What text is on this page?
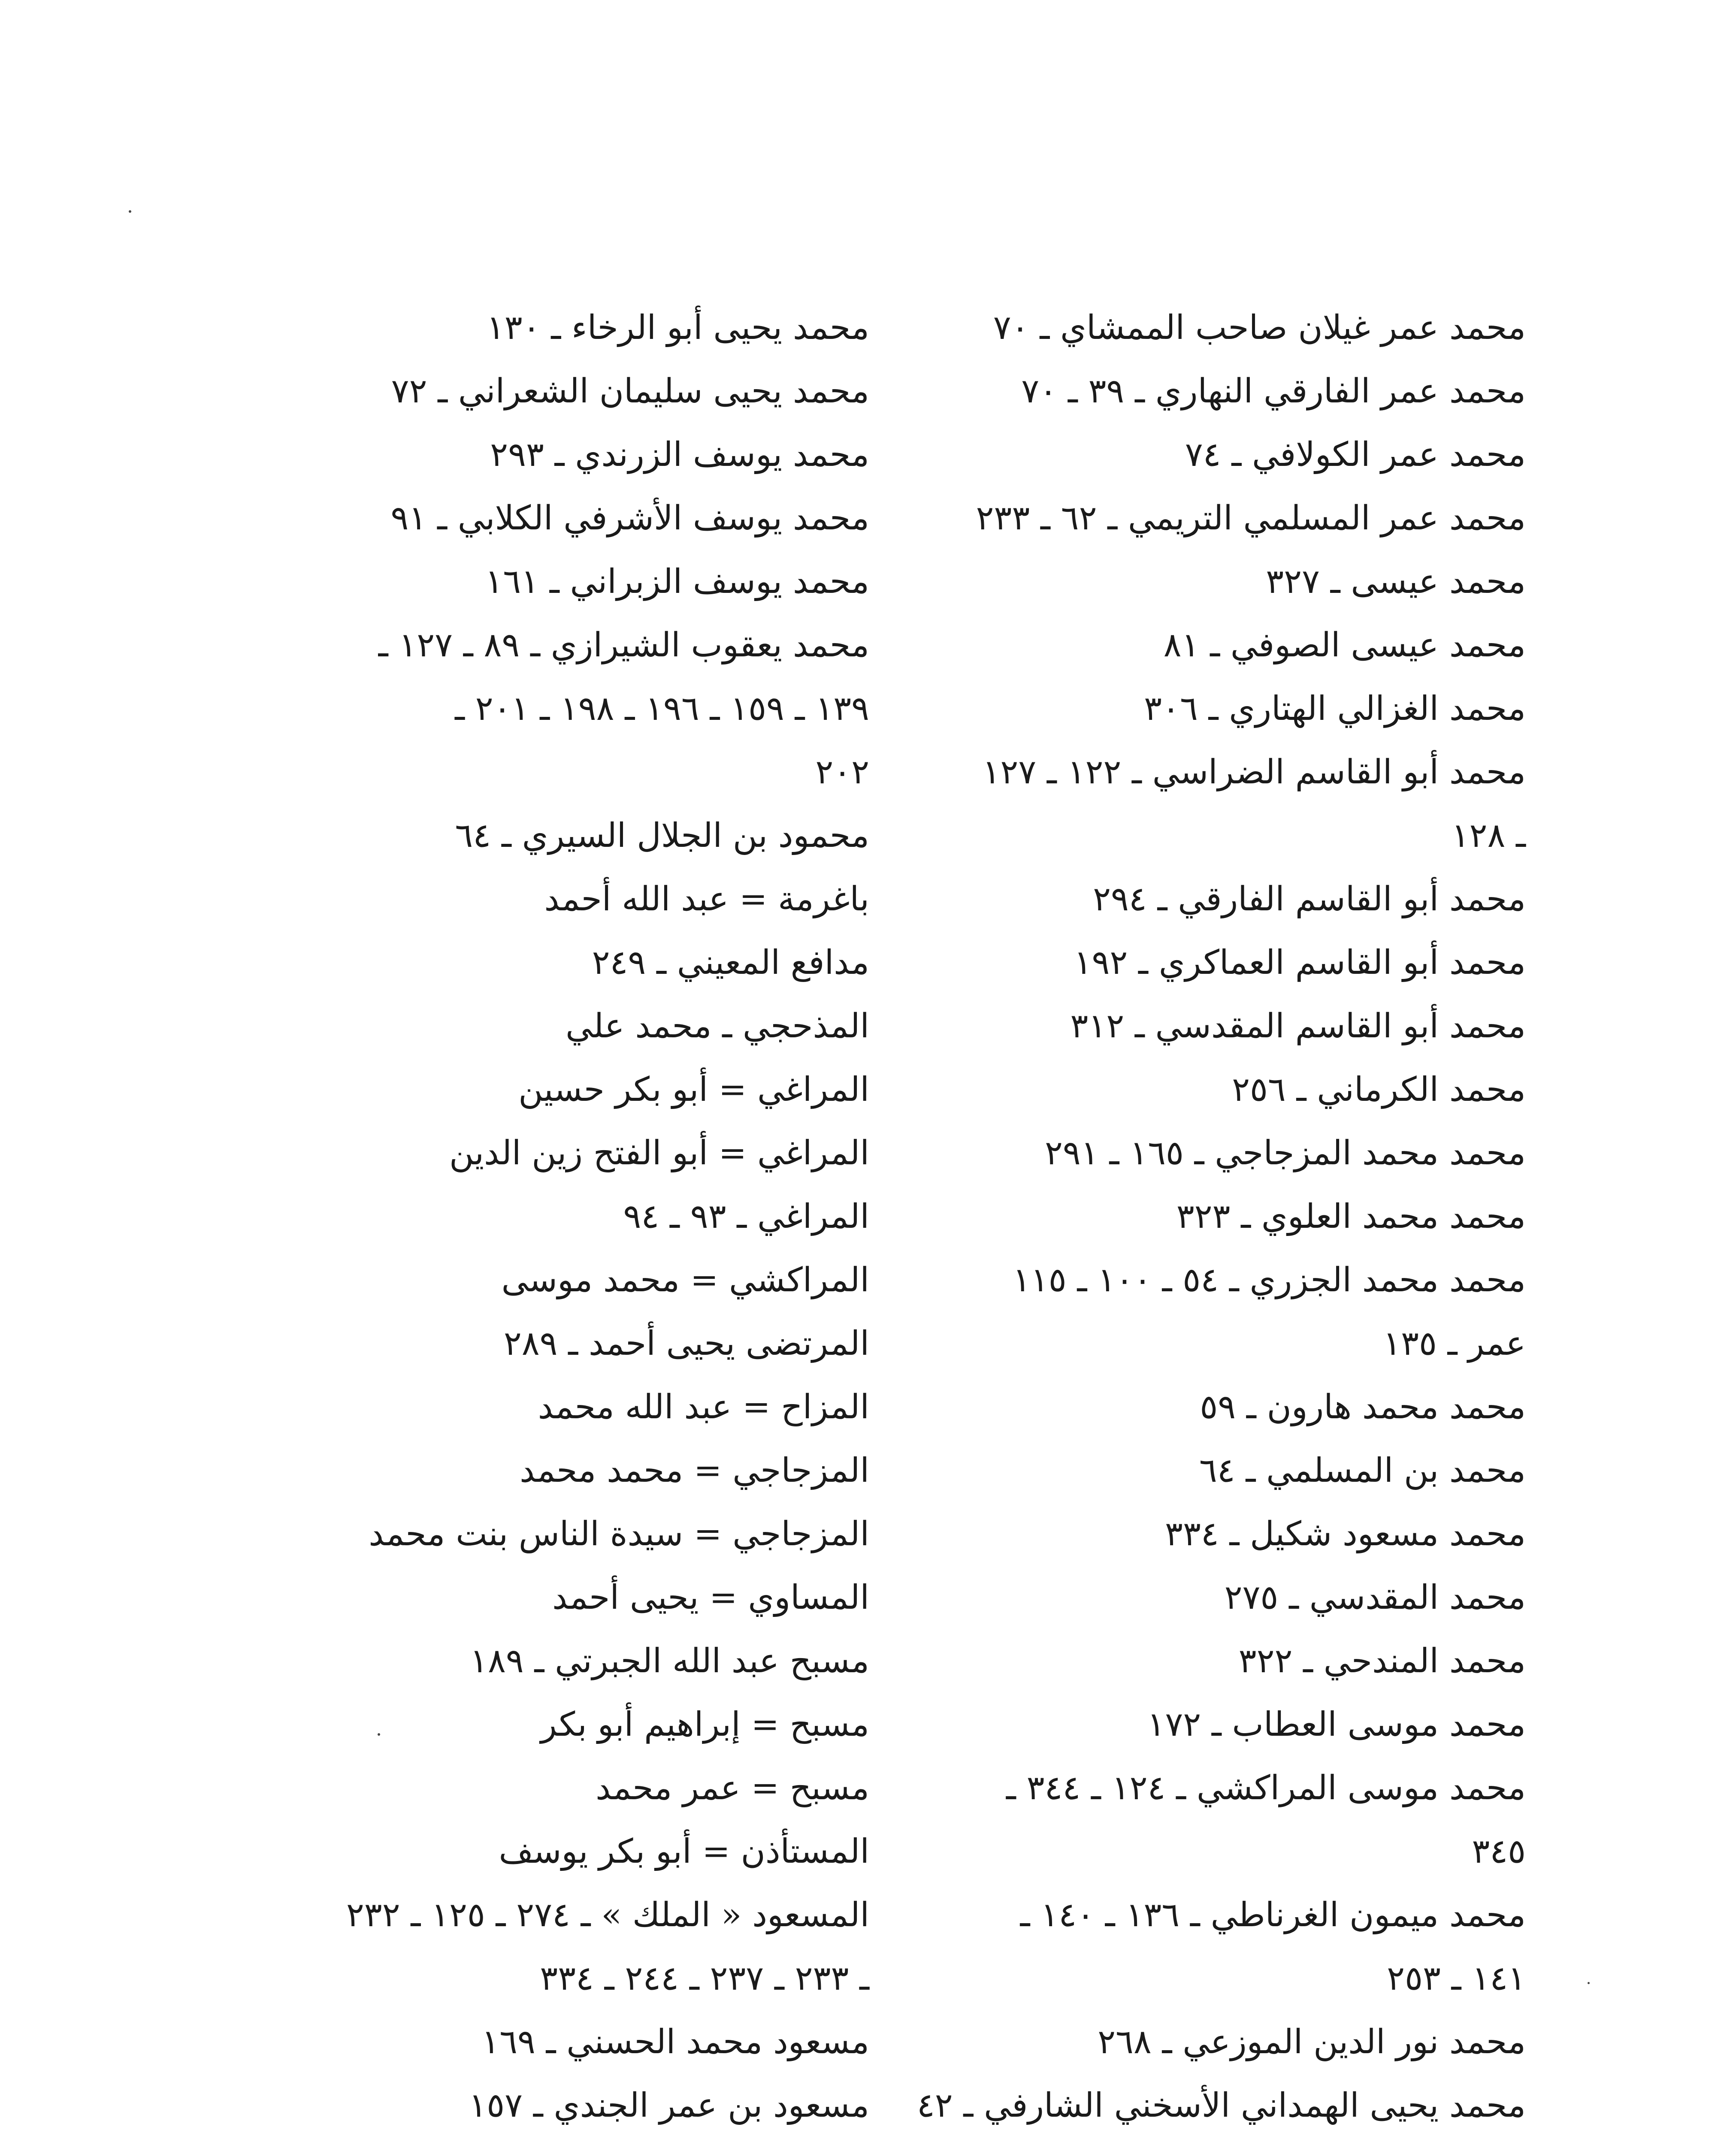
محمد عمر غيلان صاحب الممشاي ـ ٧٠
محمد عمر الفارقي النهاري ـ ٣٩ ـ ٧٠
محمد عمر الكولافي ـ ٧٤
محمد عمر المسلمي التريمي ـ ٦٢ ـ ٢٣٣
محمد عيسى ـ ٣٢٧
محمد عيسى الصوفي ـ ٨١
محمد الغزالي الهتاري ـ ٣٠٦
محمد أبو القاسم الضراسي ـ ١٢٢ ـ ١٢٧
ـ ١٢٨
محمد أبو القاسم الفارقي ـ ٢٩٤
محمد أبو القاسم العماكري ـ ١٩٢
محمد أبو القاسم المقدسي ـ ٣١٢
محمد الكرماني ـ ٢٥٦
محمد محمد المزجاجي ـ ١٦٥ ـ ٢٩١
محمد محمد العلوي ـ ٣٢٣
محمد محمد الجزري ـ ٥٤ ـ ١٠٠ ـ ١١٥
عمر ـ ١٣٥
محمد محمد هارون ـ ٥٩
محمد بن المسلمي ـ ٦٤
محمد مسعود شكيل ـ ٣٣٤
محمد المقدسي ـ ٢٧٥
محمد المندحي ـ ٣٢٢
محمد موسى العطاب ـ ١٧٢
محمد موسى المراكشي ـ ١٢٤ ـ ٣٤٤ ـ
٣٤٥
محمد ميمون الغرناطي ـ ١٣٦ ـ ١٤٠ ـ
١٤١ ـ ٢٥٣
محمد نور الدين الموزعي ـ ٢٦٨
محمد يحيى الهمداني الأسخني الشارفي ـ ٤٢
محمد يحيى أبو الرخاء ـ ١٣٠
محمد يحيى سليمان الشعراني ـ ٧٢
محمد يوسف الزرندي ـ ٢٩٣
محمد يوسف الأشرفي الكلابي ـ ٩١
محمد يوسف الزبراني ـ ١٦١
محمد يعقوب الشيرازي ـ ٨٩ ـ ١٢٧ ـ
١٣٩ ـ ١٥٩ ـ ١٩٦ ـ ١٩٨ ـ ٢٠١ ـ
٢٠٢
محمود بن الجلال السيري ـ ٦٤
باغرمة = عبد الله أحمد
مدافع المعيني ـ ٢٤٩
المذحجي ـ محمد علي
المراغي = أبو بكر حسين
المراغي = أبو الفتح زين الدين
المراغي ـ ٩٣ ـ ٩٤
المراكشي = محمد موسى
المرتضى يحيى أحمد ـ ٢٨٩
المزاح = عبد الله محمد
المزجاجي = محمد محمد
المزجاجي = سيدة الناس بنت محمد
المساوي = يحيى أحمد
مسبح عبد الله الجبرتي ـ ١٨٩
مسبح = إبراهيم أبو بكر
مسبح = عمر محمد
المستأذن = أبو بكر يوسف
المسعود « الملك » ـ ٢٧٤ ـ ١٢٥ ـ ٢٣٢
ـ ٢٣٣ ـ ٢٣٧ ـ ٢٤٤ ـ ٣٣٤
مسعود محمد الحسني ـ ١٦٩
مسعود بن عمر الجندي ـ ١٥٧
